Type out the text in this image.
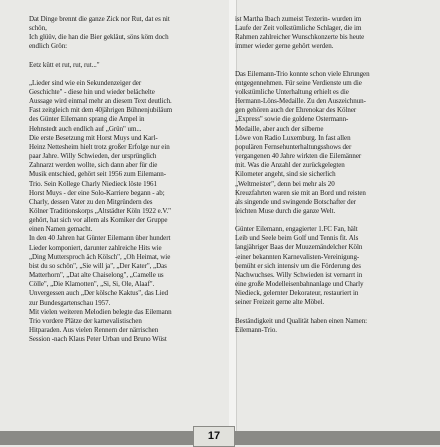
Dat Dinge brennt die ganze Zick nor Rut, dat es nit

schön,

Ich glüüv, die han die Bier gekläut, söns köm doch

endlich Grön:

Eetz kütt et rut, rut, rut..."

„Lieder sind wie ein Sekundenzeiger der

Geschichte" - diese hin und wieder belächelte

Aussage wird einmal mehr an diesem Text deutlich.

Fast zeitgleich mit dem 40jährigen Bühnenjubiläum

des Günter Eilemann sprang die Ampel in

Hehnstedt auch endlich auf „Grün" um...

Die erste Besetzung mit Horst Muys und Karl-

Heinz Nettesheim hielt trotz großer Erfolge nur ein

paar Jahre. Willy Schwieden, der ursprünglich

Zahnarzt werden wollte, sich dann aber für die

Musik entschied, gehört seit 1956 zum Eilemann-

Trio. Sein Kollege Charly Niedieck löste 1961

Horst Muys - der eine Solo-Karriere begann - ab;

Charly, dessen Vater zu den Mitgründern des

Kölner Traditionskorps „Altstädter Köln 1922 e.V."

gehört, hat sich vor allem als Komiker der Gruppe

einen Namen gemacht.

In den 40 Jahren hat Günter Eilemann über hundert

Lieder komponiert, darunter zahlreiche Hits wie

„Ding Muttersproch äch Kölsch", „Oh Heimat, wie

bist du so schön", „Sie will ja", „Der Kater", „Das

Matterhorn", „Dat alte Chaiselong", „Camelle us

Cölle", „Die Klamotten", „Si, Si, Ole, Alaaf".

Unvergessen auch „Der kölsche Kaktus", das Lied

zur Bundesgartenschau 1957.

Mit vielen weiteren Melodien belegte das Eilemann

Trio vordere Plätze der karnevalistischen

Hitparaden. Aus vielen Rennern der närrischen

Session -nach Klaus Peter Urban und Bruno Wüst

ist Martha Ibach zumeist Texterin- wurden im

Laufe der Zeit volkstümliche Schlager, die im

Rahmen zahlreicher Wunschkonzerte bis heute

immer wieder gerne gehört werden.

Das Eilemann-Trio konnte schon viele Ehrungen

entgegennehmen. Für seine Verdienste um die

volkstümliche Unterhaltung erhielt es die

Hermann-Löns-Medaille. Zu den Auszeichnun-

gen gehören auch der Ehrenokar des Kölner

„Express" sowie die goldene Ostermann-

Medaille, aber auch der silberne

Löwe von Radio Luxemburg. In fast allen

populären Fernsehunterhaltungsshows der

vergangenen 40 Jahre wirkten die Eilemänner

mit. Was die Anzahl der zurückgelegten

Kilometer angeht, sind sie sicherlich

„Weltmeister", denn bei mehr als 20

Kreuzfahrten waren sie mit an Bord und reisten

als singende und swingende Botschafter der

leichten Muse durch die ganze Welt.

Günter Eilemann, engagierter 1.FC Fan, hält

Leib und Seele beim Golf und Tennis fit. Als

langjähriger Baas der Muuzemändelcher Köln

-einer bekannten Karnevalisten-Vereinigung-

bemüht er sich intensiv um die Förderung des

Nachwuchses. Willy Schwieden ist vernarrt in

eine große Modelleisenbahnanlage und Charly

Niedieck, gelernter Dekorateur, restauriert in

seiner Freizeit gerne alte Möbel.

Beständigkeit und Qualität haben einen Namen:

Eilemann-Trio.

17
